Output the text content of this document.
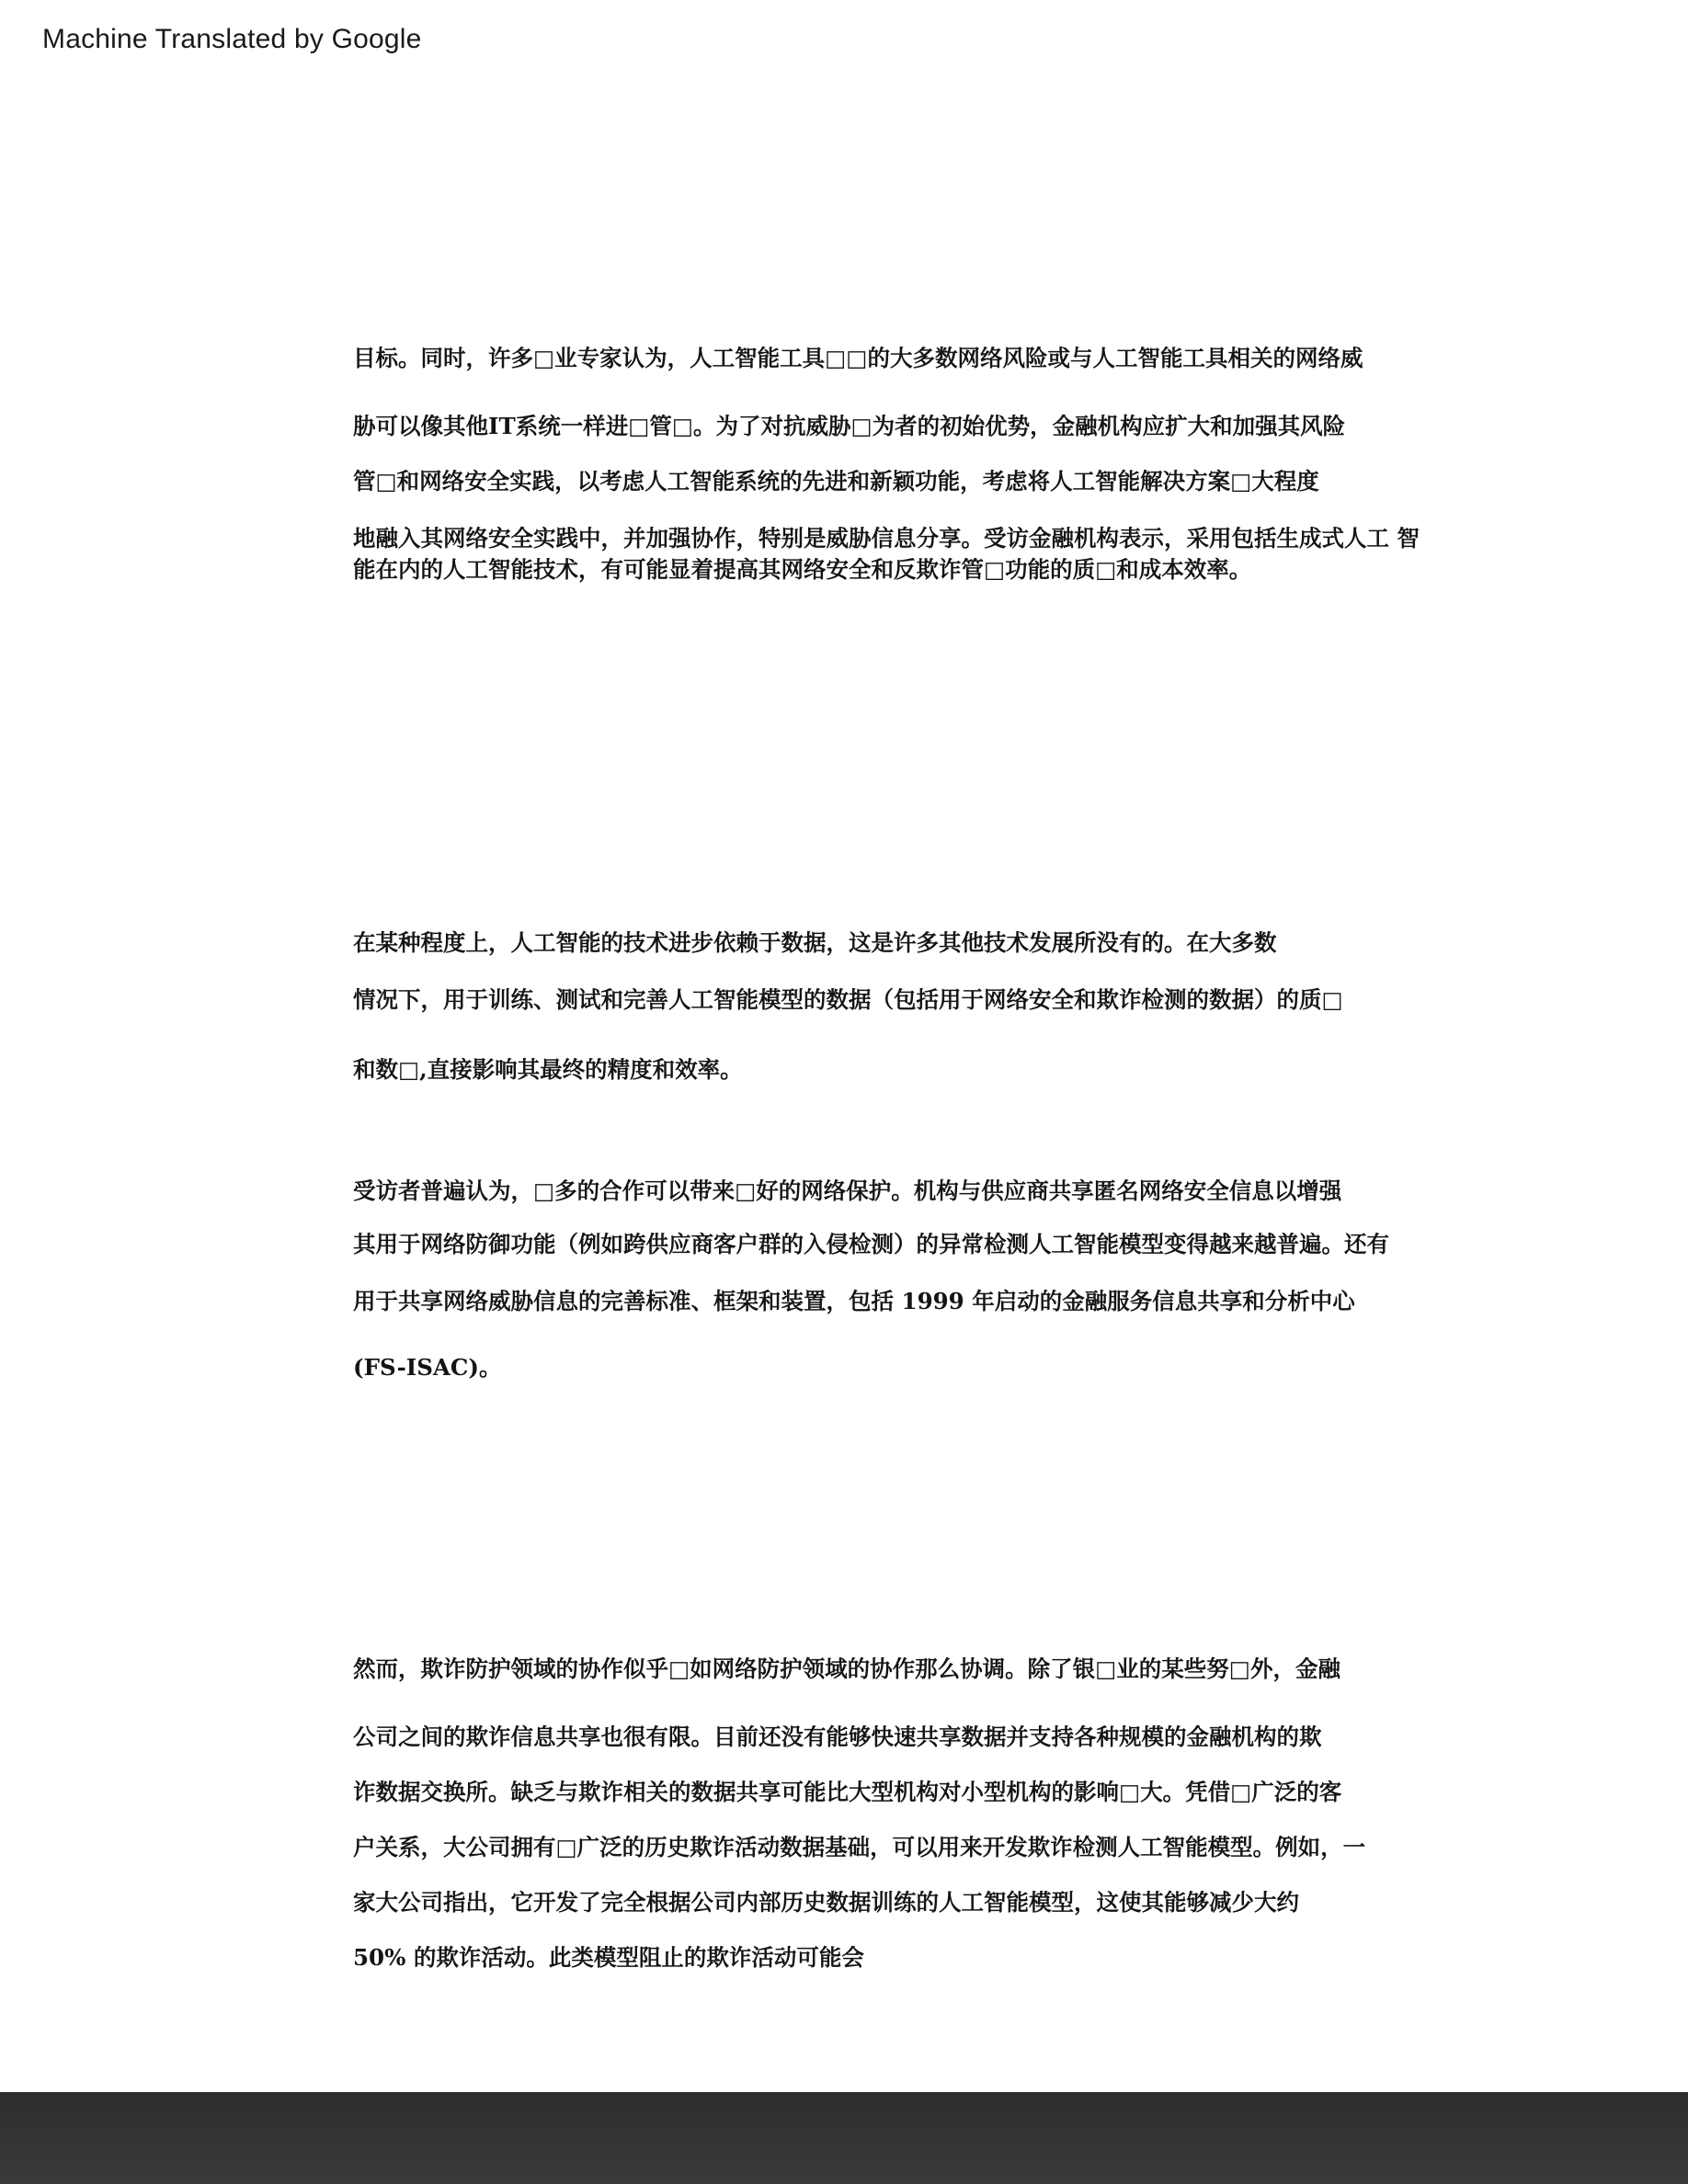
Machine Translated by Google
目标。同时，许多□业专家认为，人工智能工具□□的大多数网络风险或与人工智能工具相关的网络威
胁可以像其他IT系统一样进□管□。为了对抗威胁□为者的初始优势，金融机构应扩大和加强其风险
管□和网络安全实践，以考虑人工智能系统的先进和新颖功能，考虑将人工智能解决方案□大程度
地融入其网络安全实践中，并加强协作，特别是威胁信息分享。受访金融机构表示，采用包括生成式人工 智
能在内的人工智能技术，有可能显着提高其网络安全和反欺诈管□功能的质□和成本效率。
在某种程度上，人工智能的技术进步依赖于数据，这是许多其他技术发展所没有的。在大多数
情况下，用于训练、测试和完善人工智能模型的数据（包括用于网络安全和欺诈检测的数据）的质□
和数□,直接影响其最终的精度和效率。
受访者普遍认为，□多的合作可以带来□好的网络保护。机构与供应商共享匿名网络安全信息以增强
其用于网络防御功能（例如跨供应商客户群的入侵检测）的异常检测人工智能模型变得越来越普遍。还有
用于共享网络威胁信息的完善标准、框架和装置，包括 1999 年启动的金融服务信息共享和分析中心
(FS-ISAC)。
然而，欺诈防护领域的协作似乎□如网络防护领域的协作那么协调。除了银□业的某些努□外，金融
公司之间的欺诈信息共享也很有限。目前还没有能够快速共享数据并支持各种规模的金融机构的欺
诈数据交换所。缺乏与欺诈相关的数据共享可能比大型机构对小型机构的影响□大。凭借□广泛的客
户关系，大公司拥有□广泛的历史欺诈活动数据基础，可以用来开发欺诈检测人工智能模型。例如，一
家大公司指出，它开发了完全根据公司内部历史数据训练的人工智能模型，这使其能够减少大约
50% 的欺诈活动。此类模型阻止的欺诈活动可能会
